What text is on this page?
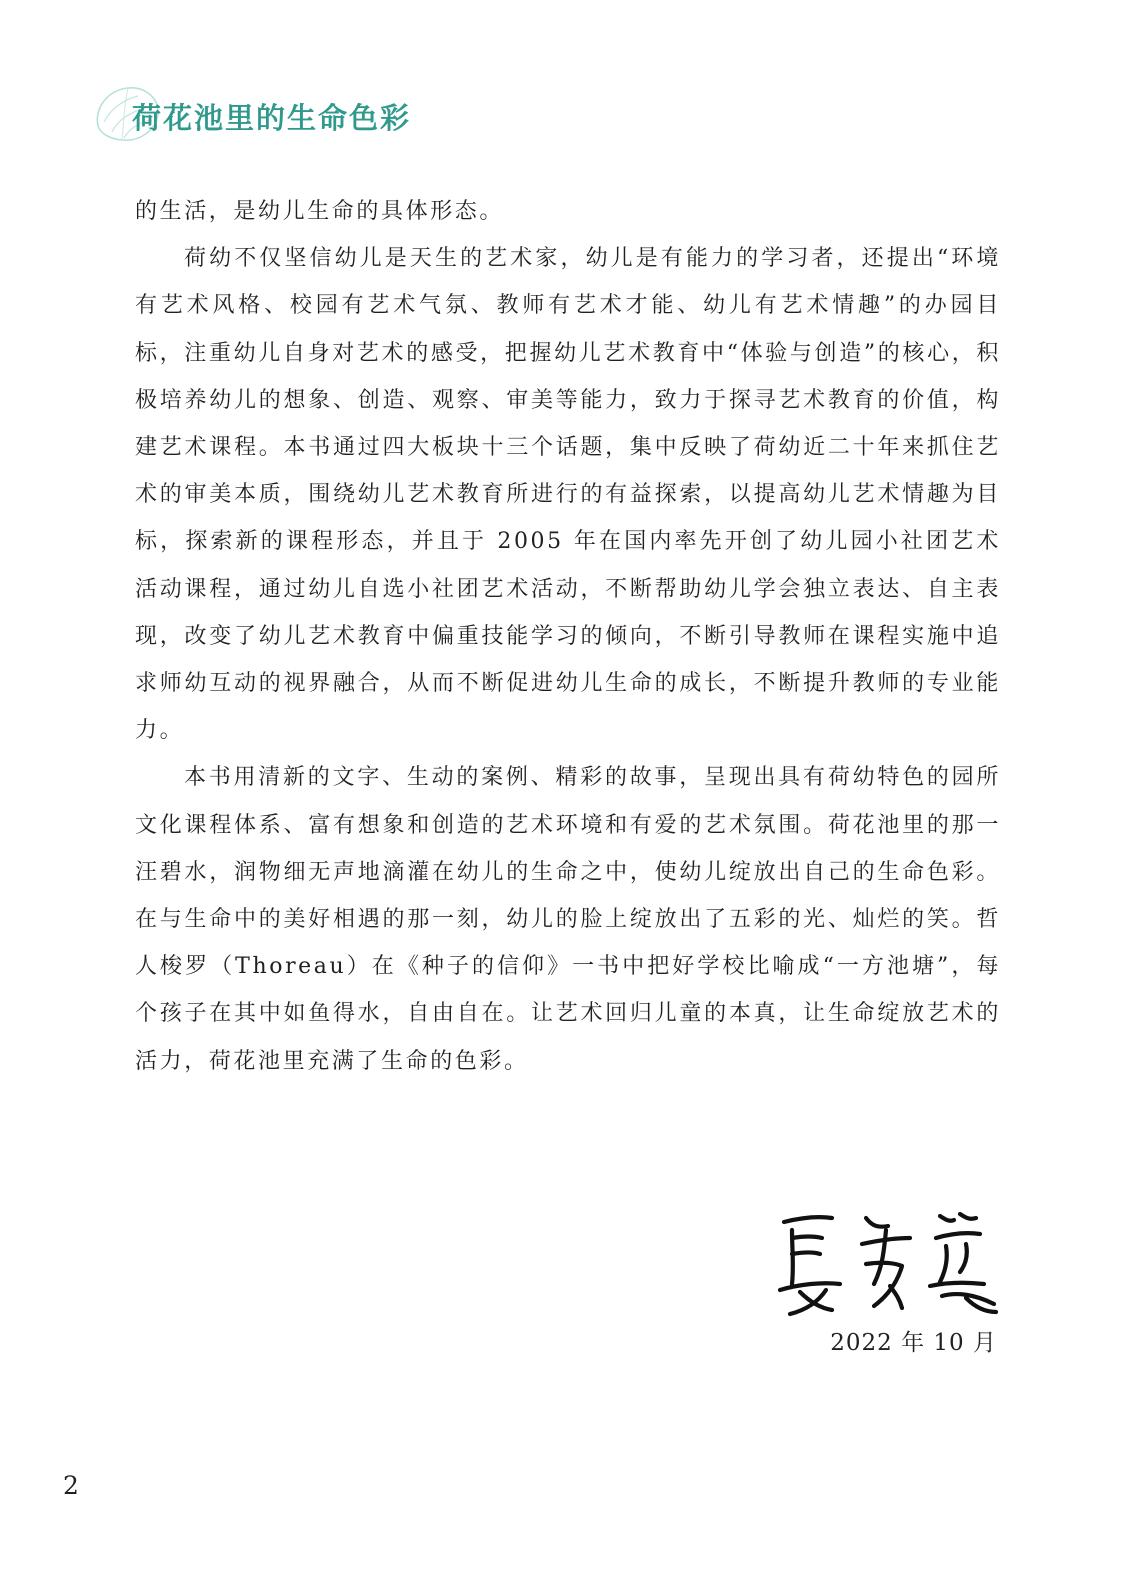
荷花池里的生命色彩

的生活，是幼儿生命的具体形态。

荷幼不仅坚信幼儿是天生的艺术家，幼儿是有能力的学习者，还提出“环境有艺术风格、校园有艺术气氛、教师有艺术才能、幼儿有艺术情趣”的办园目标，注重幼儿自身对艺术的感受，把握幼儿艺术教育中“体验与创造”的核心，积极培养幼儿的想象、创造、观察、审美等能力，致力于探寻艺术教育的价值，构建艺术课程。本书通过四大板块十三个话题，集中反映了荷幼近二十年来抓住艺术的审美本质，围绕幼儿艺术教育所进行的有益探索，以提高幼儿艺术情趣为目标，探索新的课程形态，并且于 2005 年在国内率先开创了幼儿园小社团艺术活动课程，通过幼儿自选小社团艺术活动，不断帮助幼儿学会独立表达、自主表现，改变了幼儿艺术教育中偏重技能学习的倾向，不断引导教师在课程实施中追求师幼互动的视界融合，从而不断促进幼儿生命的成长，不断提升教师的专业能力。

本书用清新的文字、生动的案例、精彩的故事，呈现出具有荷幼特色的园所文化课程体系、富有想象和创造的艺术环境和有爱的艺术氛围。荷花池里的那一汪碧水，润物细无声地滴灌在幼儿的生命之中，使幼儿绽放出自己的生命色彩。在与生命中的美好相遇的那一刻，幼儿的脸上绽放出了五彩的光、灿烂的笑。哲人梭罗（Thoreau）在《种子的信仰》一书中把好学校比喻成“一方池塘”，每个孩子在其中如鱼得水，自由自在。让艺术回归儿童的本真，让生命绽放艺术的活力，荷花池里充满了生命的色彩。

2022 年 10 月
2
